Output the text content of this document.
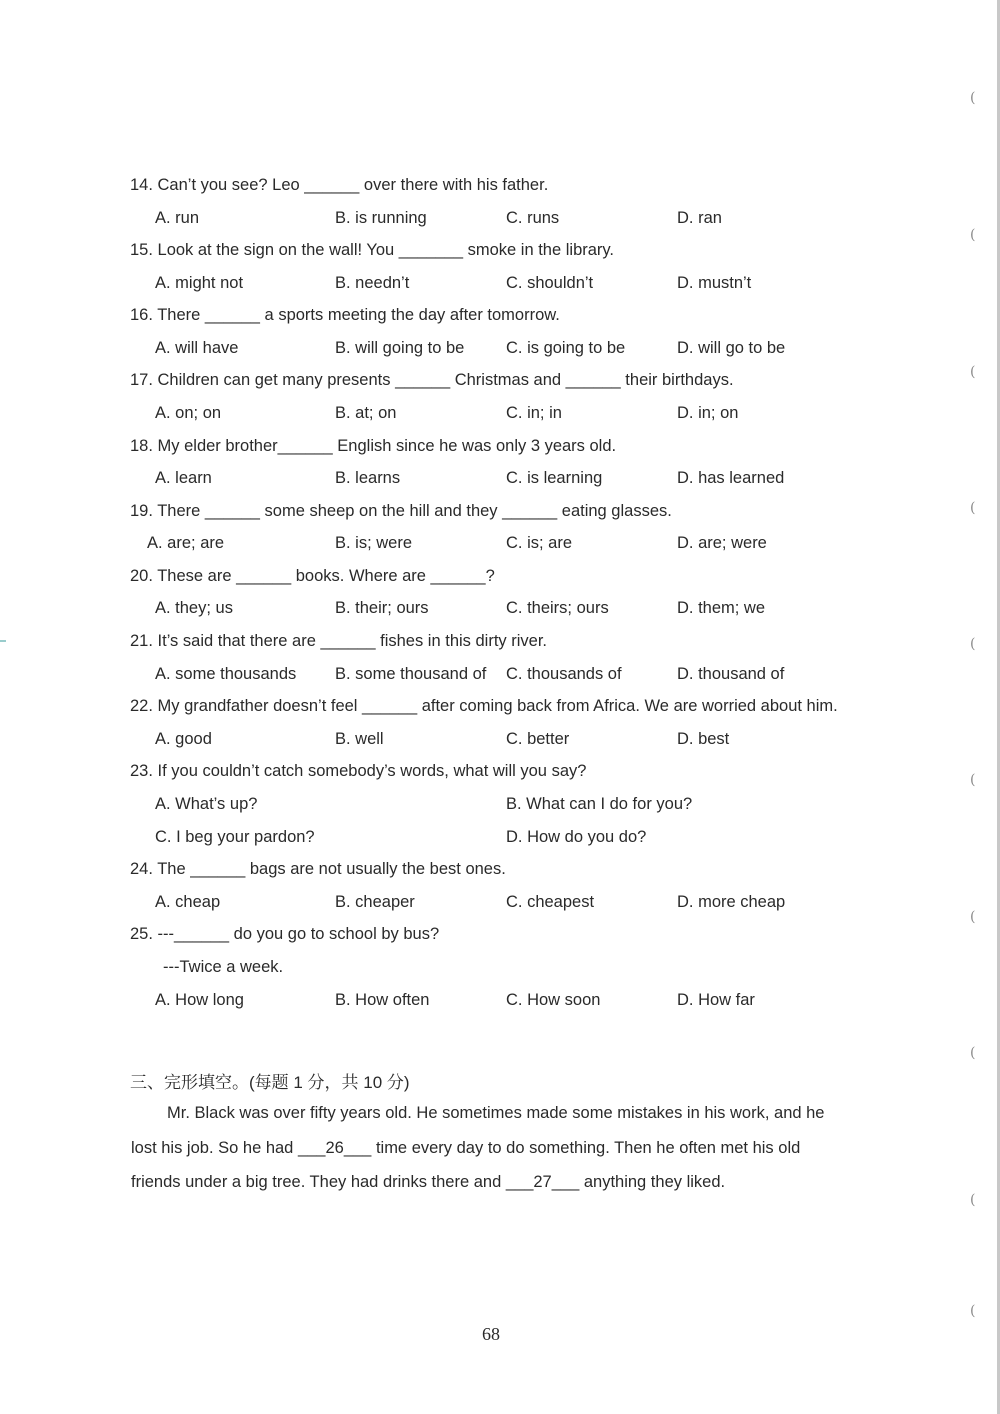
14. Can’t you see? Leo ______ over there with his father.
A. run	B. is running	C. runs	D. ran
15. Look at the sign on the wall! You _______ smoke in the library.
A. might not	B. needn’t	C. shouldn’t	D. mustn’t
16. There ______ a sports meeting the day after tomorrow.
A. will have	B. will going to be	C. is going to be	D. will go to be
17. Children can get many presents ______ Christmas and ______ their birthdays.
A. on; on	B. at; on	C. in; in	D. in; on
18. My elder brother______ English since he was only 3 years old.
A. learn	B. learns	C. is learning	D. has learned
19. There ______ some sheep on the hill and they ______ eating glasses.
A. are; are	B. is; were	C. is; are	D. are; were
20. These are ______ books. Where are ______?
A. they; us	B. their; ours	C. theirs; ours	D. them; we
21. It’s said that there are ______ fishes in this dirty river.
A. some thousands B. some thousand of C. thousands of	D. thousand of
22. My grandfather doesn’t feel ______ after coming back from Africa. We are worried about him.
A. good	B. well	C. better	D. best
23. If you couldn’t catch somebody’s words, what will you say?
A. What’s up?	B. What can I do for you?
C. I beg your pardon?	D. How do you do?
24. The ______ bags are not usually the best ones.
A. cheap	B. cheaper	C. cheapest	D. more cheap
25. ---______ do you go to school by bus?
---Twice a week.
A. How long	B. How often	C. How soon	D. How far
三、完形填空。(每题 1 分，共 10 分)
Mr. Black was over fifty years old. He sometimes made some mistakes in his work, and he
lost his job. So he had ___26___ time every day to do something. Then he often met his old
friends under a big tree. They had drinks there and ___27___ anything they liked.
68
(
(
(
(
(
(
(
(
(
(
